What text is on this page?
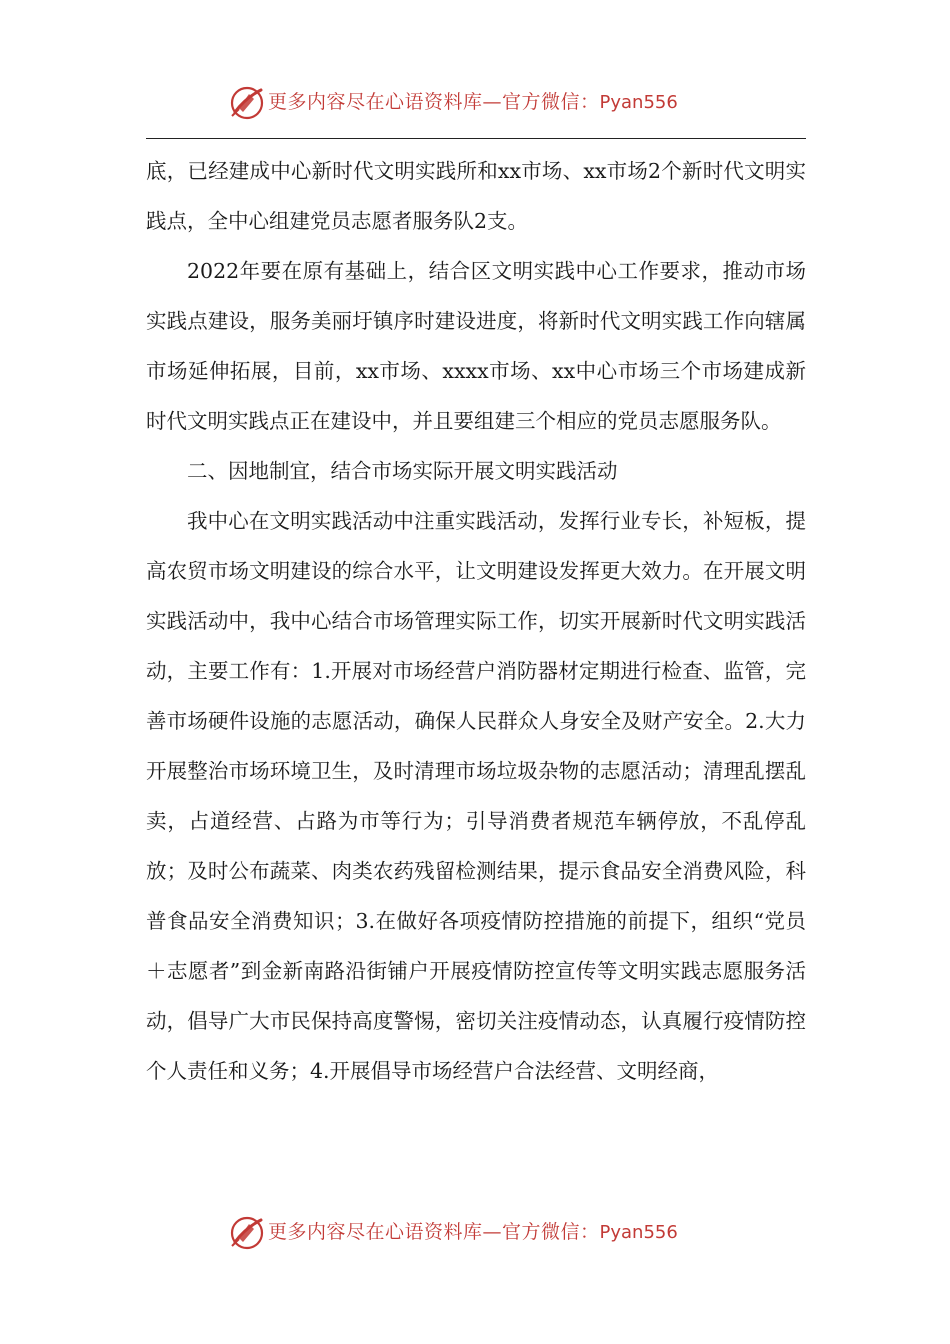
更多内容尽在心语资料库—官方微信：Pyan556

底，已经建成中心新时代文明实践所和xx市场、xx市场2个新时代文明实践点，全中心组建党员志愿者服务队2支。

2022年要在原有基础上，结合区文明实践中心工作要求，推动市场实践点建设，服务美丽圩镇序时建设进度，将新时代文明实践工作向辖属市场延伸拓展，目前，xx市场、xxxx市场、xx中心市场三个市场建成新时代文明实践点正在建设中，并且要组建三个相应的党员志愿服务队。

二、因地制宜，结合市场实际开展文明实践活动

我中心在文明实践活动中注重实践活动，发挥行业专长，补短板，提高农贸市场文明建设的综合水平，让文明建设发挥更大效力。在开展文明实践活动中，我中心结合市场管理实际工作，切实开展新时代文明实践活动，主要工作有：1.开展对市场经营户消防器材定期进行检查、监管，完善市场硬件设施的志愿活动，确保人民群众人身安全及财产安全。2.大力开展整治市场环境卫生，及时清理市场垃圾杂物的志愿活动；清理乱摆乱卖，占道经营、占路为市等行为；引导消费者规范车辆停放，不乱停乱放；及时公布蔬菜、肉类农药残留检测结果，提示食品安全消费风险，科普食品安全消费知识；3.在做好各项疫情防控措施的前提下，组织“党员＋志愿者”到金新南路沿街铺户开展疫情防控宣传等文明实践志愿服务活动，倡导广大市民保持高度警惕，密切关注疫情动态，认真履行疫情防控个人责任和义务；4.开展倡导市场经营户合法经营、文明经商，

更多内容尽在心语资料库—官方微信：Pyan556
